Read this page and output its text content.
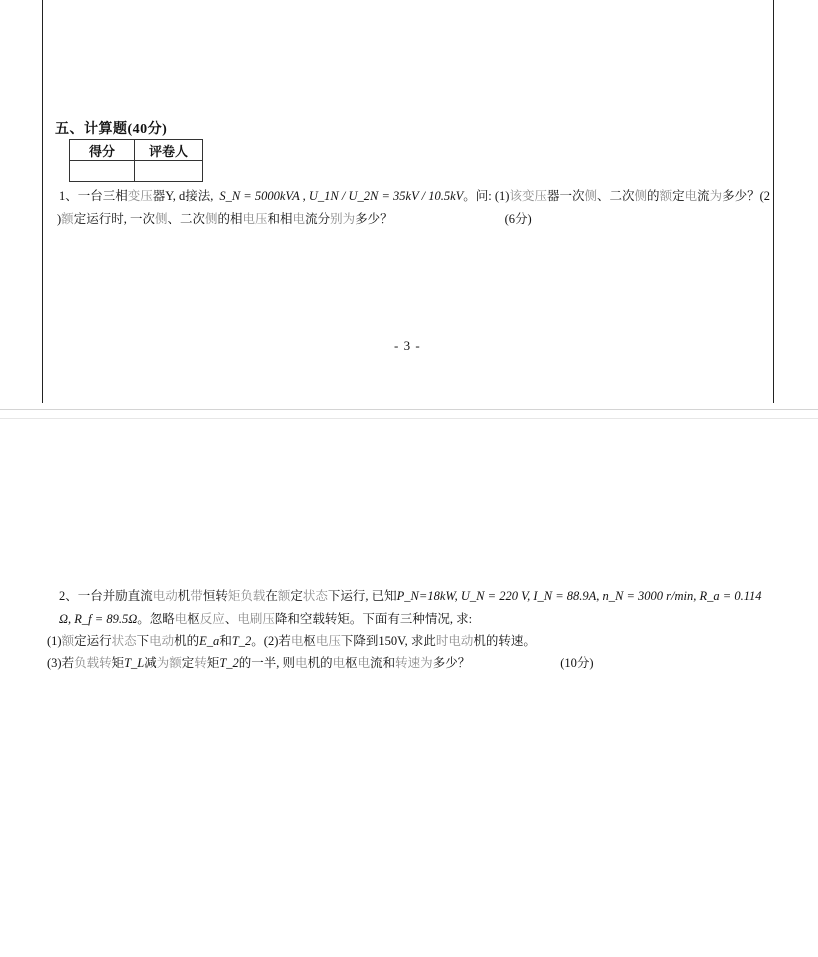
五、计算题(40分)
得分	评卷人

1、一台三相变压器Y, d接法, S_N = 5000kVA , U_1N / U_2N = 35kV / 10.5kV。问: (1)该变压器一次侧、二次侧的额定电流为多少？(2
)额定运行时, 一次侧、二次侧的相电压和相电流分别为多少？	(6分)
- 3 -
2、一台并励直流电动机带恒转矩负载在额定状态下运行, 已知P_N=18kW, U_N = 220 V, I_N = 88.9A, n_N = 3000 r/min, R_a = 0.114
Ω, R_f = 89.5Ω。忽略电枢反应、电刷压降和空载转矩。下面有三种情况, 求:
(1)额定运行状态下电动机的E_a和T_2。(2)若电枢电压下降到150V, 求此时电动机的转速。
(3)若负载转矩T_L减为额定转矩T_2的一半, 则电机的电枢电流和转速为多少？	(10分)
